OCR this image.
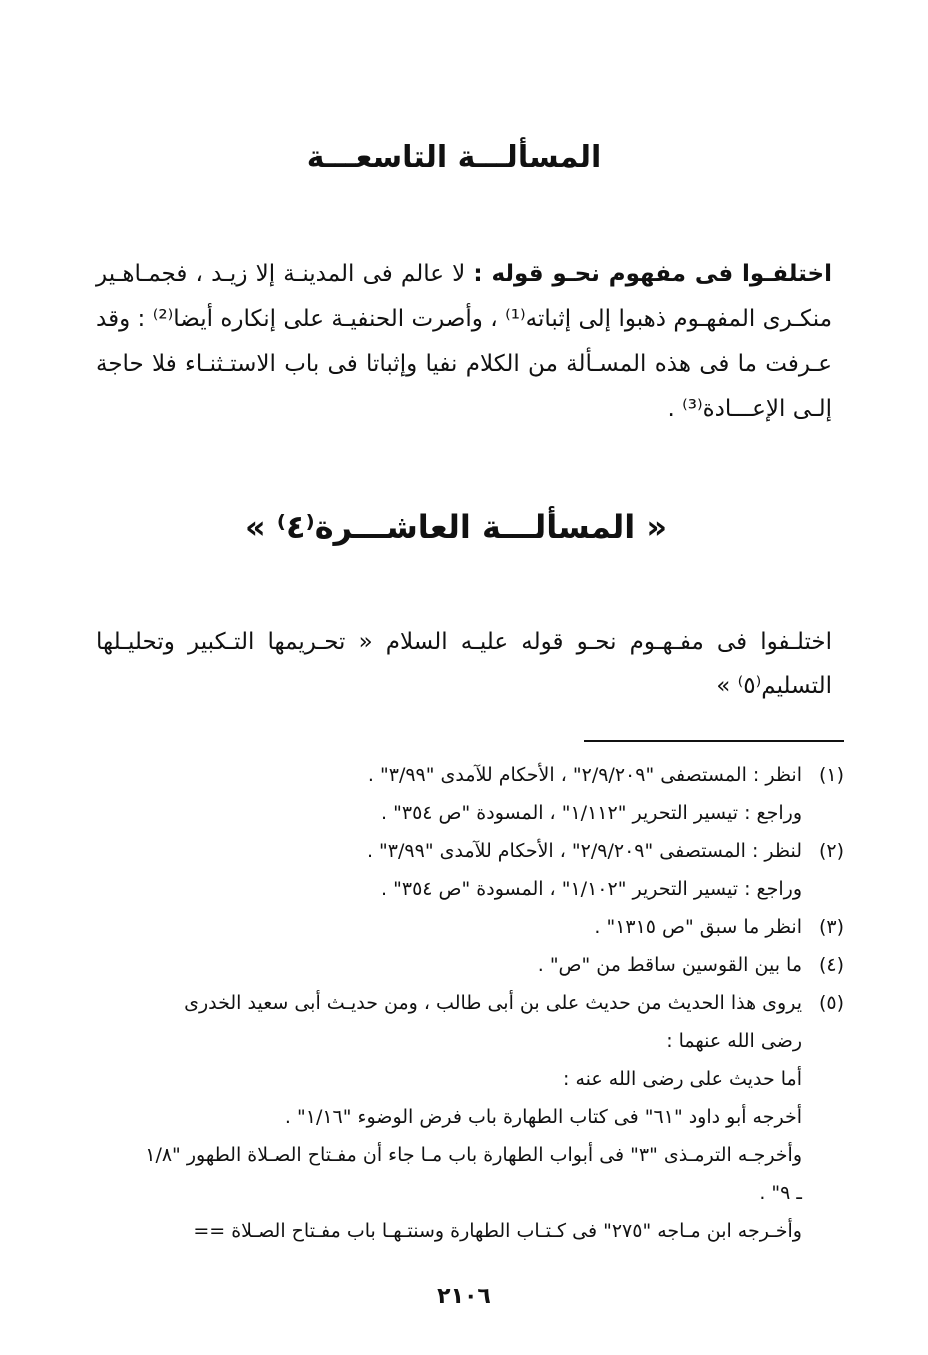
المسألـــة التاسعـــة
اختلفـوا فى مفهوم نحـو قوله : لا عالم فى المدينـة إلا زيـد ، فجمـاهـير منكـرى المفهـوم ذهبوا إلى إثباته⁽¹⁾ ، وأصرت الحنفيـة على إنكاره أيضا⁽²⁾ : وقد عـرفت ما فى هذه المسـألة من الكلام نفيا وإثباتا فى باب الاستـثنـاء فلا حاجة إلـى الإعـــادة⁽³⁾ .
« المسألـــة العاشـــرة⁽٤⁾ »
اختلـفوا فى مفـهـوم نحـو قوله عليـه السلام « تحـريمها التـكبير وتحليـلها التسليم⁽٥⁾ »
(١)
انظر : المستصفى "٢/٩/٢٠٩" ، الأحكام للآمدى "٣/٩٩" .
وراجع : تيسير التحرير "١/١١٢" ، المسودة "ص ٣٥٤" .
(٢)
لنظر : المستصفى "٢/٩/٢٠٩" ، الأحكام للآمدى "٣/٩٩" .
وراجع : تيسير التحرير "١/١٠٢" ، المسودة "ص ٣٥٤" .
(٣)
انظر ما سبق "ص ١٣١٥" .
(٤)
ما بين القوسين ساقط من "ص" .
(٥)
يروى هذا الحديث من حديث على بن أبى طالب ، ومن حديـث أبى سعيد الخدرى رضى الله عنهما :
أما حديث على رضى الله عنه :
أخرجه أبو داود "٦١" فى كتاب الطهارة باب فرض الوضوء "١/١٦" .
وأخرجـه الترمـذى "٣" فى أبواب الطهارة باب مـا جاء أن مفـتاح الصـلاة الطهور "١/٨ ـ ٩" .
وأخـرجه ابن مـاجه "٢٧٥" فى كـتـاب الطهارة وسنتـهـا باب مفـتاح الصـلاة ==
٢١٠٦
